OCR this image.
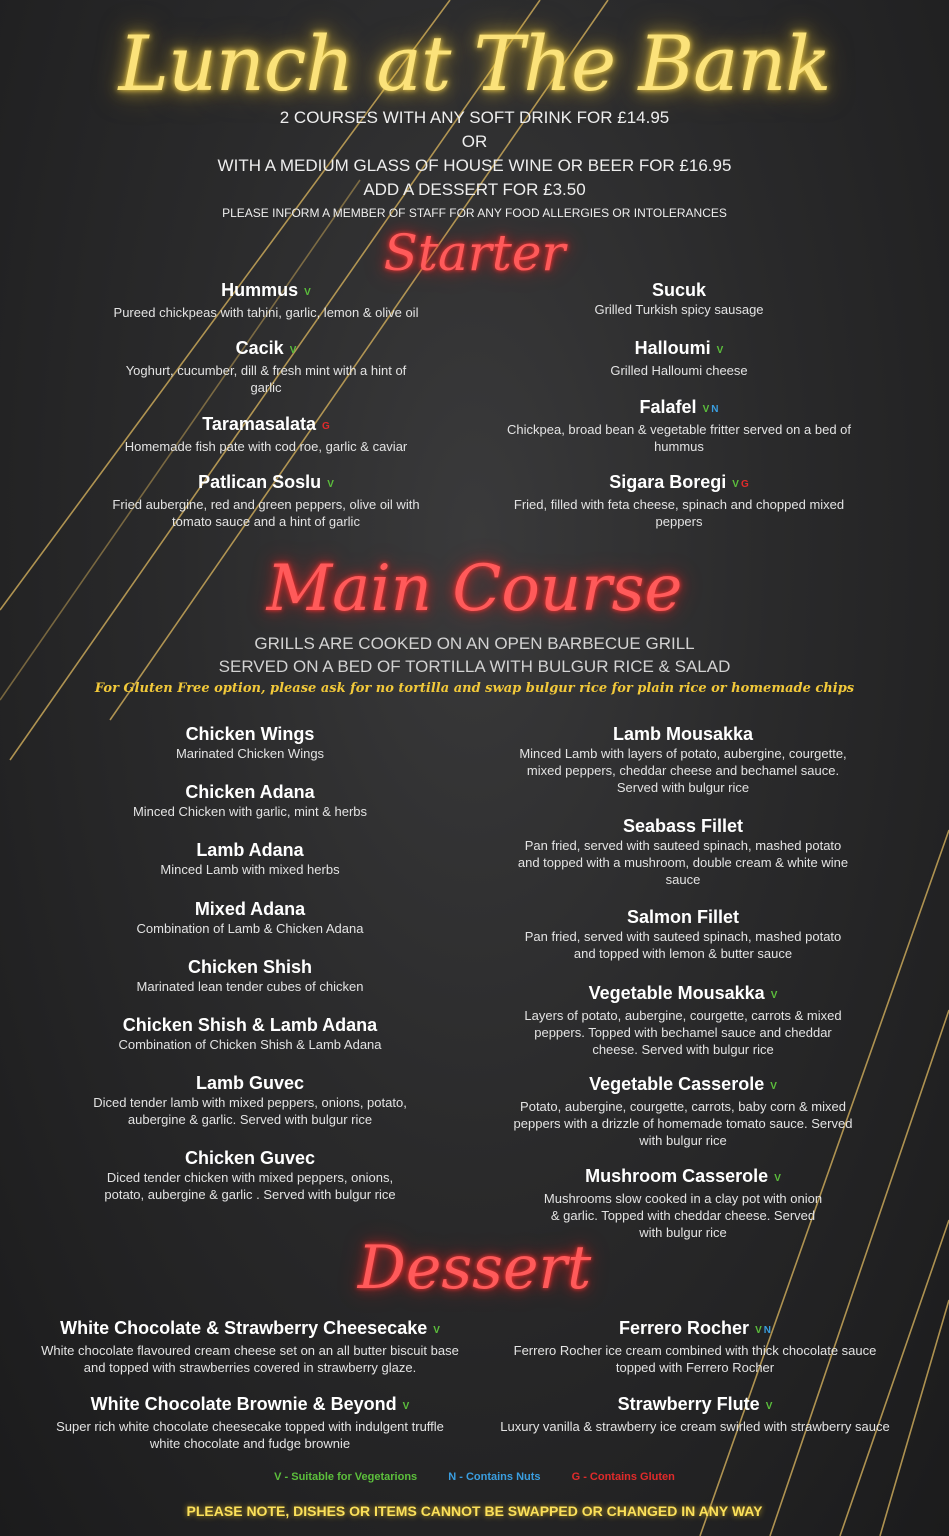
Lunch at The Bank
2 COURSES WITH ANY SOFT DRINK FOR £14.95
OR
WITH A MEDIUM GLASS OF HOUSE WINE OR BEER FOR £16.95
ADD A DESSERT FOR £3.50
PLEASE INFORM A MEMBER OF STAFF FOR ANY FOOD ALLERGIES OR INTOLERANCES
Starter
Hummus V
Pureed chickpeas with tahini, garlic, lemon & olive oil
Cacik V
Yoghurt, cucumber, dill & fresh mint with a hint of garlic
Taramasalata G
Homemade fish pate with cod roe, garlic & caviar
Patlican Soslu V
Fried aubergine, red and green peppers, olive oil with tomato sauce and a hint of garlic
Sucuk
Grilled Turkish spicy sausage
Halloumi V
Grilled Halloumi cheese
Falafel V N
Chickpea, broad bean & vegetable fritter served on a bed of hummus
Sigara Boregi V G
Fried, filled with feta cheese, spinach and chopped mixed peppers
Main Course
GRILLS ARE COOKED ON AN OPEN BARBECUE GRILL
SERVED ON A BED OF TORTILLA WITH BULGUR RICE & SALAD
For Gluten Free option, please ask for no tortilla and swap bulgur rice for plain rice or homemade chips
Chicken Wings
Marinated Chicken Wings
Chicken Adana
Minced Chicken with garlic, mint & herbs
Lamb Adana
Minced Lamb with mixed herbs
Mixed Adana
Combination of Lamb & Chicken Adana
Chicken Shish
Marinated lean tender cubes of chicken
Chicken Shish & Lamb Adana
Combination of Chicken Shish & Lamb Adana
Lamb Guvec
Diced tender lamb with mixed peppers, onions, potato, aubergine & garlic. Served with bulgur rice
Chicken Guvec
Diced tender chicken with mixed peppers, onions, potato, aubergine & garlic . Served with bulgur rice
Lamb Mousakka
Minced Lamb with layers of potato, aubergine, courgette, mixed peppers, cheddar cheese and bechamel sauce. Served with bulgur rice
Seabass Fillet
Pan fried, served with sauteed spinach, mashed potato and topped with a mushroom, double cream & white wine sauce
Salmon Fillet
Pan fried, served with sauteed spinach, mashed potato and topped with lemon & butter sauce
Vegetable Mousakka V
Layers of potato, aubergine, courgette, carrots & mixed peppers. Topped with bechamel sauce and cheddar cheese. Served with bulgur rice
Vegetable Casserole V
Potato, aubergine, courgette, carrots, baby corn & mixed peppers with a drizzle of homemade tomato sauce. Served with bulgur rice
Mushroom Casserole V
Mushrooms slow cooked in a clay pot with onion & garlic. Topped with cheddar cheese. Served with bulgur rice
Dessert
White Chocolate & Strawberry Cheesecake V
White chocolate flavoured cream cheese set on an all butter biscuit base and topped with strawberries covered in strawberry glaze.
White Chocolate Brownie & Beyond V
Super rich white chocolate cheesecake topped with indulgent truffle white chocolate and fudge brownie
Ferrero Rocher V N
Ferrero Rocher ice cream combined with thick chocolate sauce topped with Ferrero Rocher
Strawberry Flute V
Luxury vanilla & strawberry ice cream swirled with strawberry sauce
V - Suitable for Vegetarions	N - Contains Nuts	G - Contains Gluten
PLEASE NOTE, DISHES OR ITEMS CANNOT BE SWAPPED OR CHANGED IN ANY WAY
